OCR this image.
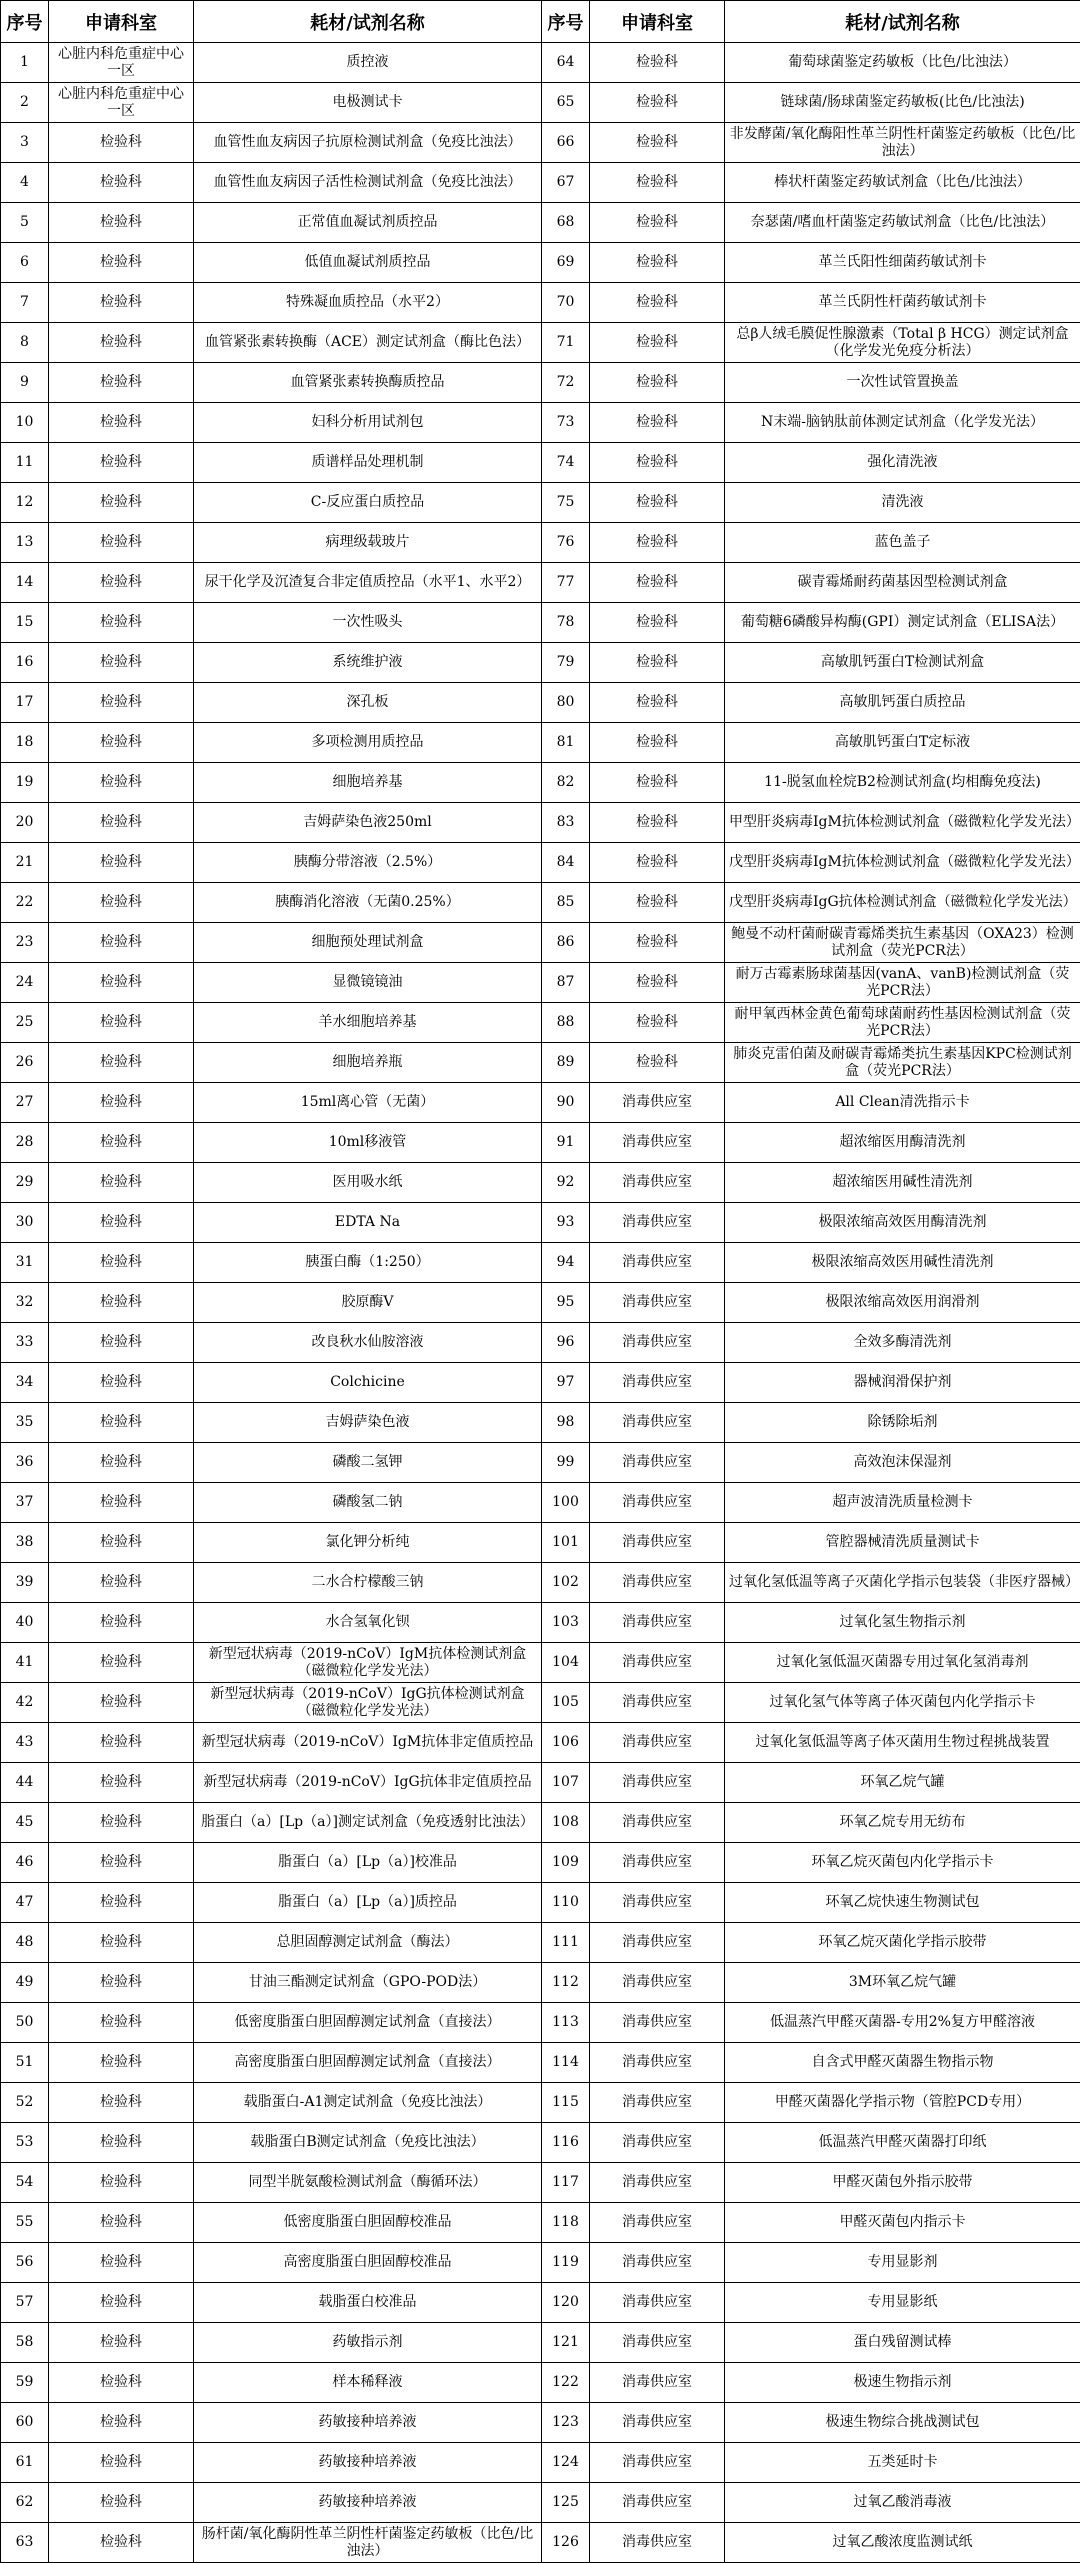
序号	申请科室	耗材/试剂名称	序号	申请科室	耗材/试剂名称
1	心脏内科危重症中心一区	质控液	64	检验科	葡萄球菌鉴定药敏板（比色/比浊法）
2	心脏内科危重症中心一区	电极测试卡	65	检验科	链球菌/肠球菌鉴定药敏板(比色/比浊法)
3	检验科	血管性血友病因子抗原检测试剂盒（免疫比浊法）	66	检验科	非发酵菌/氧化酶阳性革兰阴性杆菌鉴定药敏板（比色/比浊法）
4	检验科	血管性血友病因子活性检测试剂盒（免疫比浊法）	67	检验科	棒状杆菌鉴定药敏试剂盒（比色/比浊法）
5	检验科	正常值血凝试剂质控品	68	检验科	奈瑟菌/嗜血杆菌鉴定药敏试剂盒（比色/比浊法）
6	检验科	低值血凝试剂质控品	69	检验科	革兰氏阳性细菌药敏试剂卡
7	检验科	特殊凝血质控品（水平2）	70	检验科	革兰氏阴性杆菌药敏试剂卡
8	检验科	血管紧张素转换酶（ACE）测定试剂盒（酶比色法）	71	检验科	总β人绒毛膜促性腺激素（Total β HCG）测定试剂盒（化学发光免疫分析法）
9	检验科	血管紧张素转换酶质控品	72	检验科	一次性试管置换盖
10	检验科	妇科分析用试剂包	73	检验科	N末端-脑钠肽前体测定试剂盒（化学发光法）
11	检验科	质谱样品处理机制	74	检验科	强化清洗液
12	检验科	C-反应蛋白质控品	75	检验科	清洗液
13	检验科	病理级载玻片	76	检验科	蓝色盖子
14	检验科	尿干化学及沉渣复合非定值质控品（水平1、水平2）	77	检验科	碳青霉烯耐药菌基因型检测试剂盒
15	检验科	一次性吸头	78	检验科	葡萄糖6磷酸异构酶(GPI）测定试剂盒（ELISA法）
16	检验科	系统维护液	79	检验科	高敏肌钙蛋白T检测试剂盒
17	检验科	深孔板	80	检验科	高敏肌钙蛋白质控品
18	检验科	多项检测用质控品	81	检验科	高敏肌钙蛋白T定标液
19	检验科	细胞培养基	82	检验科	11-脱氢血栓烷B2检测试剂盒(均相酶免疫法)
20	检验科	吉姆萨染色液250ml	83	检验科	甲型肝炎病毒IgM抗体检测试剂盒（磁微粒化学发光法）
21	检验科	胰酶分带溶液（2.5%）	84	检验科	戊型肝炎病毒IgM抗体检测试剂盒（磁微粒化学发光法）
22	检验科	胰酶消化溶液（无菌0.25%）	85	检验科	戊型肝炎病毒IgG抗体检测试剂盒（磁微粒化学发光法）
23	检验科	细胞预处理试剂盒	86	检验科	鲍曼不动杆菌耐碳青霉烯类抗生素基因（OXA23）检测试剂盒（荧光PCR法）
24	检验科	显微镜镜油	87	检验科	耐万古霉素肠球菌基因(vanA、vanB)检测试剂盒（荧光PCR法）
25	检验科	羊水细胞培养基	88	检验科	耐甲氧西林金黄色葡萄球菌耐药性基因检测试剂盒（荧光PCR法）
26	检验科	细胞培养瓶	89	检验科	肺炎克雷伯菌及耐碳青霉烯类抗生素基因KPC检测试剂盒（荧光PCR法）
27	检验科	15ml离心管（无菌）	90	消毒供应室	All Clean清洗指示卡
28	检验科	10ml移液管	91	消毒供应室	超浓缩医用酶清洗剂
29	检验科	医用吸水纸	92	消毒供应室	超浓缩医用碱性清洗剂
30	检验科	EDTA Na	93	消毒供应室	极限浓缩高效医用酶清洗剂
31	检验科	胰蛋白酶（1:250）	94	消毒供应室	极限浓缩高效医用碱性清洗剂
32	检验科	胶原酶V	95	消毒供应室	极限浓缩高效医用润滑剂
33	检验科	改良秋水仙胺溶液	96	消毒供应室	全效多酶清洗剂
34	检验科	Colchicine	97	消毒供应室	器械润滑保护剂
35	检验科	吉姆萨染色液	98	消毒供应室	除锈除垢剂
36	检验科	磷酸二氢钾	99	消毒供应室	高效泡沫保湿剂
37	检验科	磷酸氢二钠	100	消毒供应室	超声波清洗质量检测卡
38	检验科	氯化钾分析纯	101	消毒供应室	管腔器械清洗质量测试卡
39	检验科	二水合柠檬酸三钠	102	消毒供应室	过氧化氢低温等离子灭菌化学指示包装袋（非医疗器械）
40	检验科	水合氢氧化钡	103	消毒供应室	过氧化氢生物指示剂
41	检验科	新型冠状病毒（2019-nCoV）IgM抗体检测试剂盒（磁微粒化学发光法）	104	消毒供应室	过氧化氢低温灭菌器专用过氧化氢消毒剂
42	检验科	新型冠状病毒（2019-nCoV）IgG抗体检测试剂盒（磁微粒化学发光法）	105	消毒供应室	过氧化氢气体等离子体灭菌包内化学指示卡
43	检验科	新型冠状病毒（2019-nCoV）IgM抗体非定值质控品	106	消毒供应室	过氧化氢低温等离子体灭菌用生物过程挑战装置
44	检验科	新型冠状病毒（2019-nCoV）IgG抗体非定值质控品	107	消毒供应室	环氧乙烷气罐
45	检验科	脂蛋白（a）[Lp（a）]测定试剂盒（免疫透射比浊法）	108	消毒供应室	环氧乙烷专用无纺布
46	检验科	脂蛋白（a）[Lp（a）]校准品	109	消毒供应室	环氧乙烷灭菌包内化学指示卡
47	检验科	脂蛋白（a）[Lp（a）]质控品	110	消毒供应室	环氧乙烷快速生物测试包
48	检验科	总胆固醇测定试剂盒（酶法）	111	消毒供应室	环氧乙烷灭菌化学指示胶带
49	检验科	甘油三酯测定试剂盒（GPO-POD法）	112	消毒供应室	3M环氧乙烷气罐
50	检验科	低密度脂蛋白胆固醇测定试剂盒（直接法）	113	消毒供应室	低温蒸汽甲醛灭菌器-专用2%复方甲醛溶液
51	检验科	高密度脂蛋白胆固醇测定试剂盒（直接法）	114	消毒供应室	自含式甲醛灭菌器生物指示物
52	检验科	载脂蛋白-A1测定试剂盒（免疫比浊法）	115	消毒供应室	甲醛灭菌器化学指示物（管腔PCD专用）
53	检验科	载脂蛋白B测定试剂盒（免疫比浊法）	116	消毒供应室	低温蒸汽甲醛灭菌器打印纸
54	检验科	同型半胱氨酸检测试剂盒（酶循环法）	117	消毒供应室	甲醛灭菌包外指示胶带
55	检验科	低密度脂蛋白胆固醇校准品	118	消毒供应室	甲醛灭菌包内指示卡
56	检验科	高密度脂蛋白胆固醇校准品	119	消毒供应室	专用显影剂
57	检验科	载脂蛋白校准品	120	消毒供应室	专用显影纸
58	检验科	药敏指示剂	121	消毒供应室	蛋白残留测试棒
59	检验科	样本稀释液	122	消毒供应室	极速生物指示剂
60	检验科	药敏接种培养液	123	消毒供应室	极速生物综合挑战测试包
61	检验科	药敏接种培养液	124	消毒供应室	五类延时卡
62	检验科	药敏接种培养液	125	消毒供应室	过氧乙酸消毒液
63	检验科	肠杆菌/氧化酶阴性革兰阴性杆菌鉴定药敏板（比色/比浊法）	126	消毒供应室	过氧乙酸浓度监测试纸
